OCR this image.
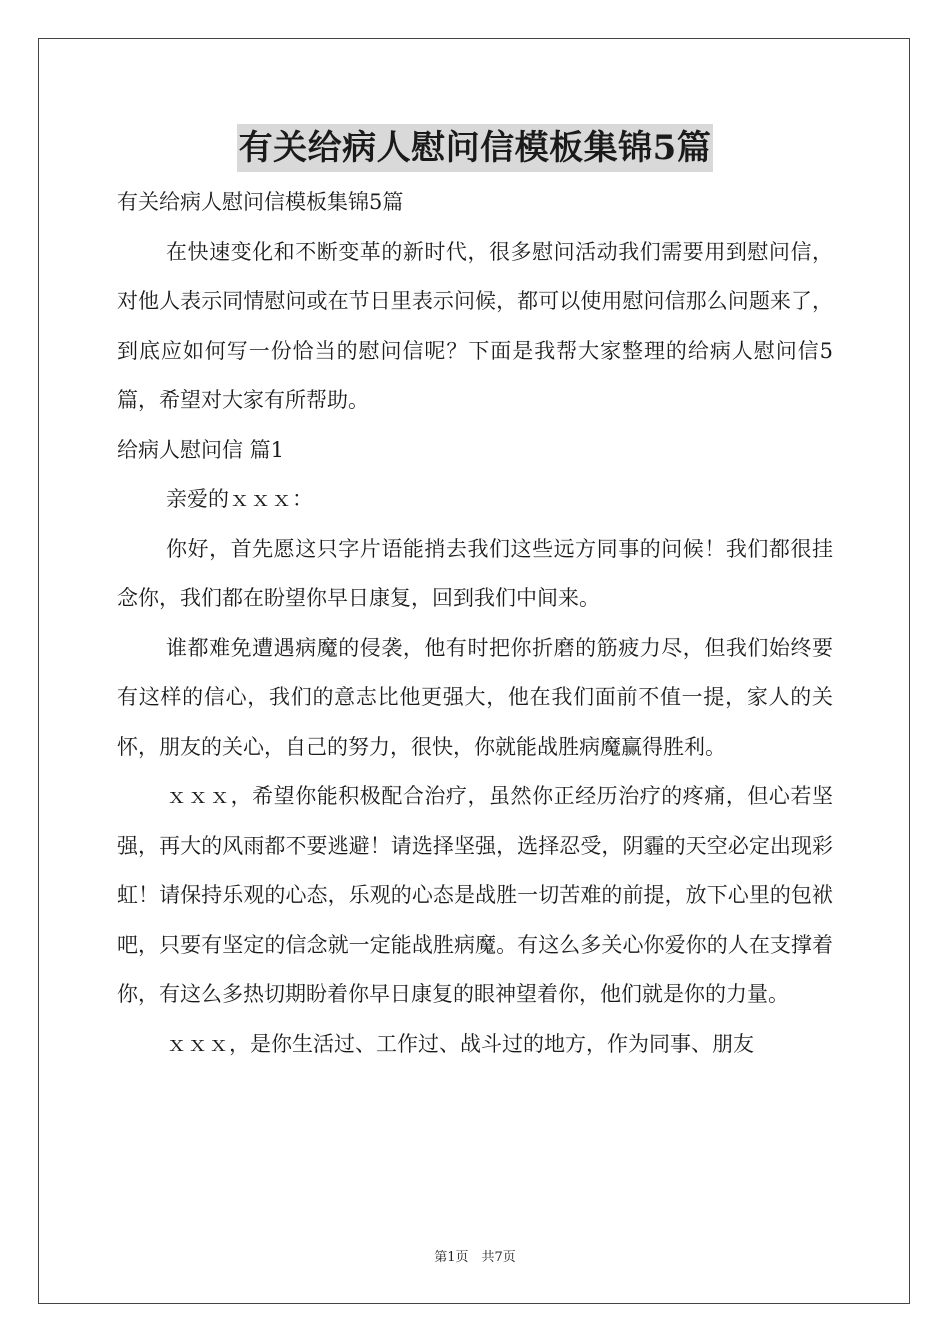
有关给病人慰问信模板集锦5篇

有关给病人慰问信模板集锦5篇

在快速变化和不断变革的新时代，很多慰问活动我们需要用到慰问信，对他人表示同情慰问或在节日里表示问候，都可以使用慰问信那么问题来了，到底应如何写一份恰当的慰问信呢？下面是我帮大家整理的给病人慰问信5篇，希望对大家有所帮助。

给病人慰问信 篇1

亲爱的ｘｘｘ：

你好，首先愿这只字片语能捎去我们这些远方同事的问候！我们都很挂念你，我们都在盼望你早日康复，回到我们中间来。

谁都难免遭遇病魔的侵袭，他有时把你折磨的筋疲力尽，但我们始终要有这样的信心，我们的意志比他更强大，他在我们面前不值一提，家人的关怀，朋友的关心，自己的努力，很快，你就能战胜病魔赢得胜利。

ｘｘｘ，希望你能积极配合治疗，虽然你正经历治疗的疼痛，但心若坚强，再大的风雨都不要逃避！请选择坚强，选择忍受，阴霾的天空必定出现彩虹！请保持乐观的心态，乐观的心态是战胜一切苦难的前提，放下心里的包袱吧，只要有坚定的信念就一定能战胜病魔。有这么多关心你爱你的人在支撑着你，有这么多热切期盼着你早日康复的眼神望着你，他们就是你的力量。

ｘｘｘ，是你生活过、工作过、战斗过的地方，作为同事、朋友

第1页　共7页
